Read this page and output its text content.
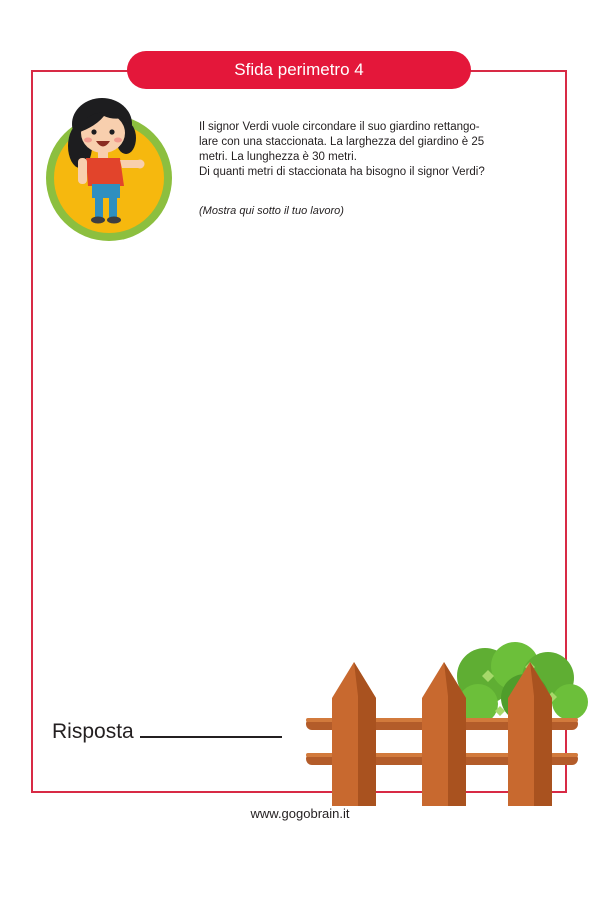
Sfida perimetro 4

Il signor Verdi vuole circondare il suo giardino rettango-

lare con una staccionata. La larghezza del giardino è 25

metri. La lunghezza è 30 metri.

Di quanti metri di staccionata ha bisogno il signor Verdi?

(Mostra qui sotto il tuo lavoro)
Risposta
www.gogobrain.it
